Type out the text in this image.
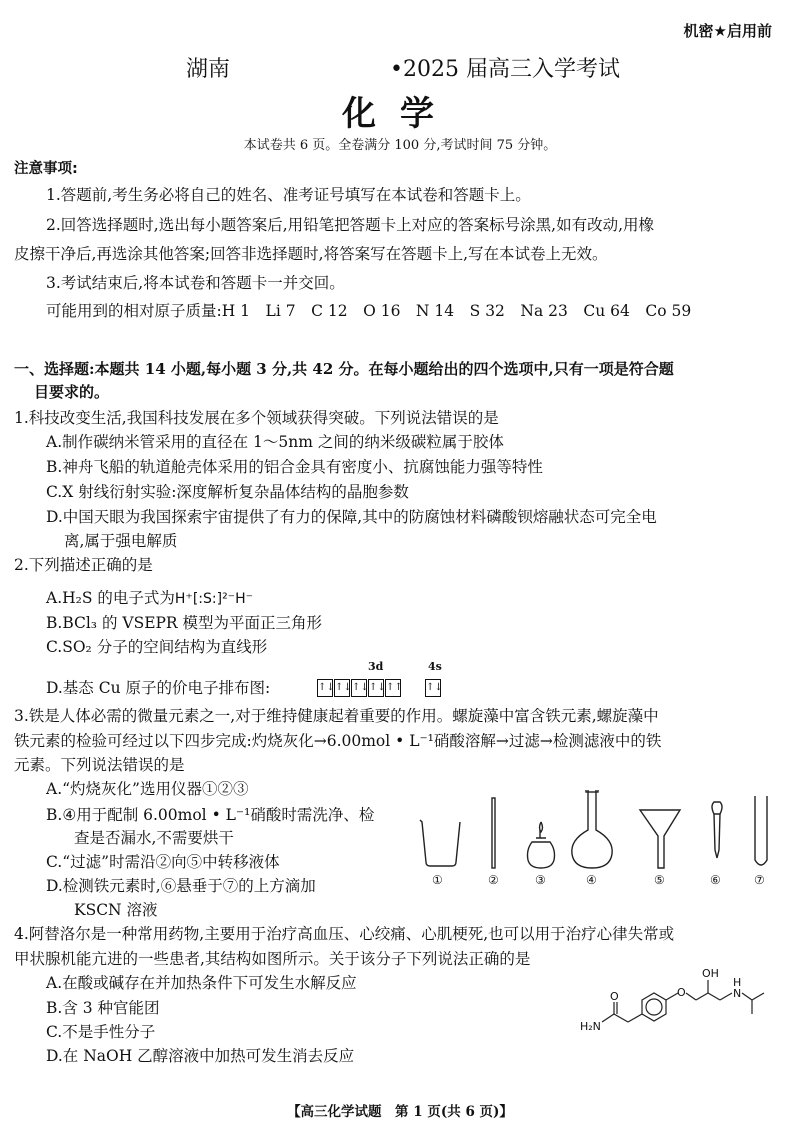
机密★启用前
湖南	•2025 届高三入学考试
化学
本试卷共 6 页。全卷满分 100 分,考试时间 75 分钟。
注意事项:
1.答题前,考生务必将自己的姓名、准考证号填写在本试卷和答题卡上。
2.回答选择题时,选出每小题答案后,用铅笔把答题卡上对应的答案标号涂黑,如有改动,用橡
皮擦干净后,再选涂其他答案;回答非选择题时,将答案写在答题卡上,写在本试卷上无效。
3.考试结束后,将本试卷和答题卡一并交回。
可能用到的相对原子质量:H 1　Li 7　C 12　O 16　N 14　S 32　Na 23　Cu 64　Co 59
一、选择题:本题共 14 小题,每小题 3 分,共 42 分。在每小题给出的四个选项中,只有一项是符合题
目要求的。
1.科技改变生活,我国科技发展在多个领域获得突破。下列说法错误的是
A.制作碳纳米管采用的直径在 1～5nm 之间的纳米级碳粒属于胶体
B.神舟飞船的轨道舱壳体采用的铝合金具有密度小、抗腐蚀能力强等特性
C.X 射线衍射实验:深度解析复杂晶体结构的晶胞参数
D.中国天眼为我国探索宇宙提供了有力的保障,其中的防腐蚀材料磷酸钡熔融状态可完全电
离,属于强电解质
2.下列描述正确的是
A.H₂S 的电子式为H⁺[:S:]²⁻H⁻
B.BCl₃ 的 VSEPR 模型为平面正三角形
C.SO₂ 分子的空间结构为直线形
D.基态 Cu 原子的价电子排布图:
3d	4s
↑↓↑↓↑↓↑↓↑↑ ↑↓
3.铁是人体必需的微量元素之一,对于维持健康起着重要的作用。螺旋藻中富含铁元素,螺旋藻中
铁元素的检验可经过以下四步完成:灼烧灰化→6.00mol • L⁻¹硝酸溶解→过滤→检测滤液中的铁
元素。下列说法错误的是
A.“灼烧灰化”选用仪器①②③
B.④用于配制 6.00mol • L⁻¹硝酸时需洗净、检
查是否漏水,不需要烘干
C.“过滤”时需沿②向⑤中转移液体
D.检测铁元素时,⑥悬垂于⑦的上方滴加
KSCN 溶液
①	②	③	④	⑤	⑥	⑦
4.阿替洛尔是一种常用药物,主要用于治疗高血压、心绞痛、心肌梗死,也可以用于治疗心律失常或
甲状腺机能亢进的一些患者,其结构如图所示。关于该分子下列说法正确的是
A.在酸或碱存在并加热条件下可发生水解反应
B.含 3 种官能团
C.不是手性分子
D.在 NaOH 乙醇溶液中加热可发生消去反应
O
H₂N
O
OH
H
N
【高三化学试题　第 1 页(共 6 页)】
